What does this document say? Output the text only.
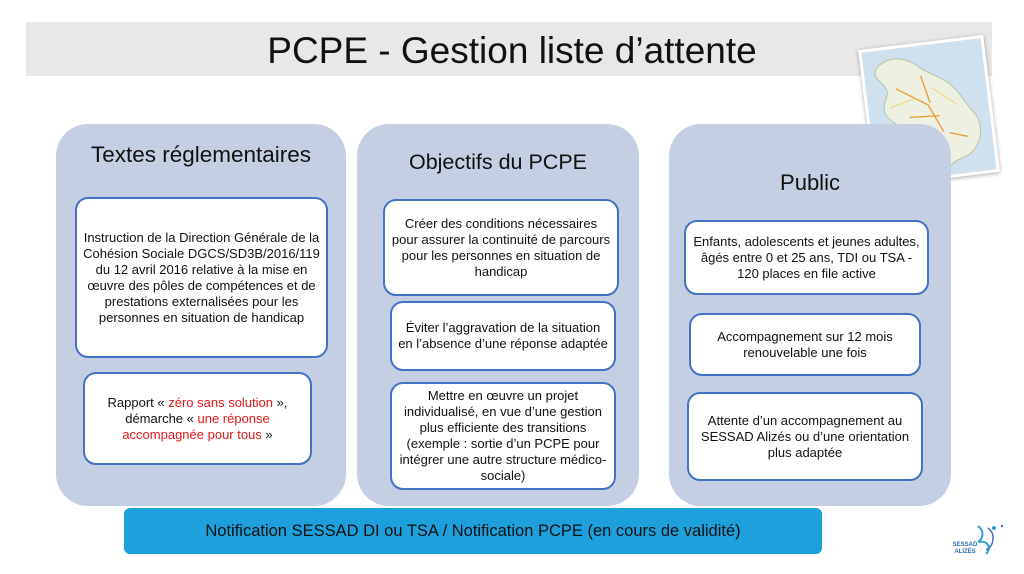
PCPE - Gestion liste d’attente
Textes réglementaires
Instruction de la Direction Générale de la Cohésion Sociale DGCS/SD3B/2016/119 du 12 avril 2016 relative à la mise en œuvre des pôles de compétences et de prestations externalisées pour les personnes en situation de handicap
Rapport « zéro sans solution », démarche « une réponse accompagnée pour tous »
Objectifs du PCPE
Créer des conditions nécessaires pour assurer la continuité de parcours pour les personnes en situation de handicap
Éviter l’aggravation de la situation en l’absence d’une réponse adaptée
Mettre en œuvre un projet individualisé, en vue d’une gestion plus efficiente des transitions (exemple : sortie d’un PCPE pour intégrer une autre structure médico-sociale)
Public
Enfants, adolescents et jeunes adultes, âgés entre 0 et 25 ans, TDI ou TSA - 120 places en file active
Accompagnement sur 12 mois renouvelable une fois
Attente d’un accompagnement au SESSAD Alizés ou d’une orientation plus adaptée
Notification SESSAD DI ou TSA / Notification PCPE (en cours de validité)
SESSAD
ALIZÉS
